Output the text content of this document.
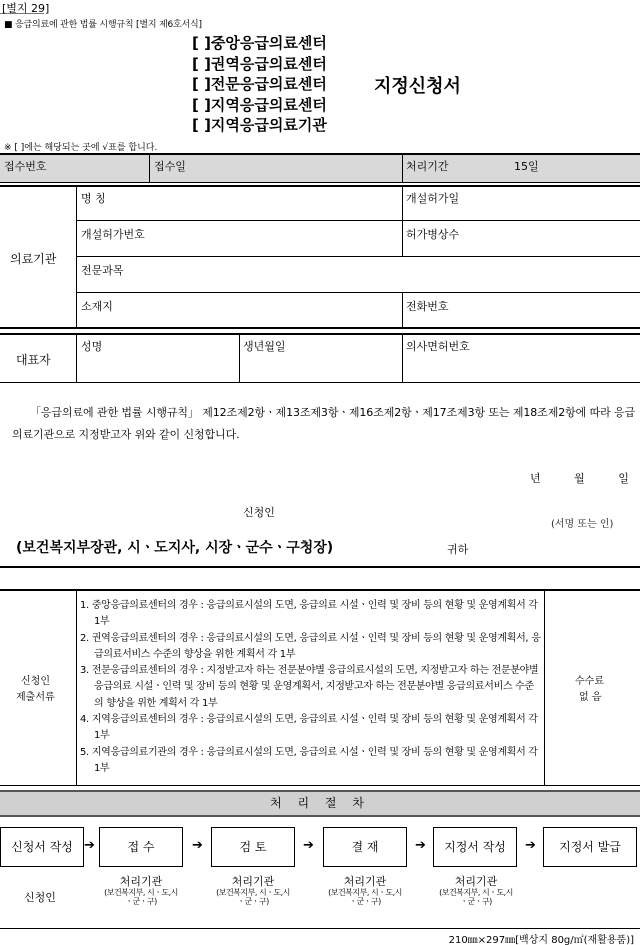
[별지 29]
■ 응급의료에 관한 법률 시행규칙 [별지 제6호서식]
[ ]중앙응급의료센터
[ ]권역응급의료센터
[ ]전문응급의료센터
[ ]지역응급의료센터
[ ]지역응급의료기관
지정신청서
※ [ ]에는 해당되는 곳에 √표를 합니다.
접수번호	접수일	처리기간	15일
의료기관
명 칭	개설허가일
개설허가번호	허가병상수
전문과목
소재지	전화번호
대표자
성명	생년월일	의사면허번호
「응급의료에 관한 법률 시행규칙」 제12조제2항ㆍ제13조제3항ㆍ제16조제2항ㆍ제17조제3항 또는 제18조제2항에 따라 응급의료기관으로 지정받고자 위와 같이 신청합니다.
년 월 일
신청인
(서명 또는 인)
(보건복지부장관, 시ㆍ도지사, 시장ㆍ군수ㆍ구청장)	귀하
신청인
제출서류
1. 중앙응급의료센터의 경우 : 응급의료시설의 도면, 응급의료 시설ㆍ인력 및 장비 등의 현황 및 운영계획서 각 1부
2. 권역응급의료센터의 경우 : 응급의료시설의 도면, 응급의료 시설ㆍ인력 및 장비 등의 현황 및 운영계획서, 응급의료서비스 수준의 향상을 위한 계획서 각 1부
3. 전문응급의료센터의 경우 : 지정받고자 하는 전문분야별 응급의료시설의 도면, 지정받고자 하는 전문분야별 응급의료 시설ㆍ인력 및 장비 등의 현황 및 운영계획서, 지정받고자 하는 전문분야별 응급의료서비스 수준의 향상을 위한 계획서 각 1부
4. 지역응급의료센터의 경우 : 응급의료시설의 도면, 응급의료 시설ㆍ인력 및 장비 등의 현황 및 운영계획서 각 1부
5. 지역응급의료기관의 경우 : 응급의료시설의 도면, 응급의료 시설ㆍ인력 및 장비 등의 현황 및 운영계획서 각 1부
수수료
없 음
처 리 절 차
신청서 작성 ➔	접 수	➔	검 토	➔	결 재	➔	지정서 작성	➔	지정서 발급
신청인
처리기관
(보건복지부, 시ㆍ도,시ㆍ군ㆍ구)
처리기관
(보건복지부, 시ㆍ도,시ㆍ군ㆍ구)
처리기관
(보건복지부, 시ㆍ도,시ㆍ군ㆍ구)
처리기관
(보건복지부, 시ㆍ도,시ㆍ군ㆍ구)
210㎜×297㎜[백상지 80g/㎡(재활용품)]
